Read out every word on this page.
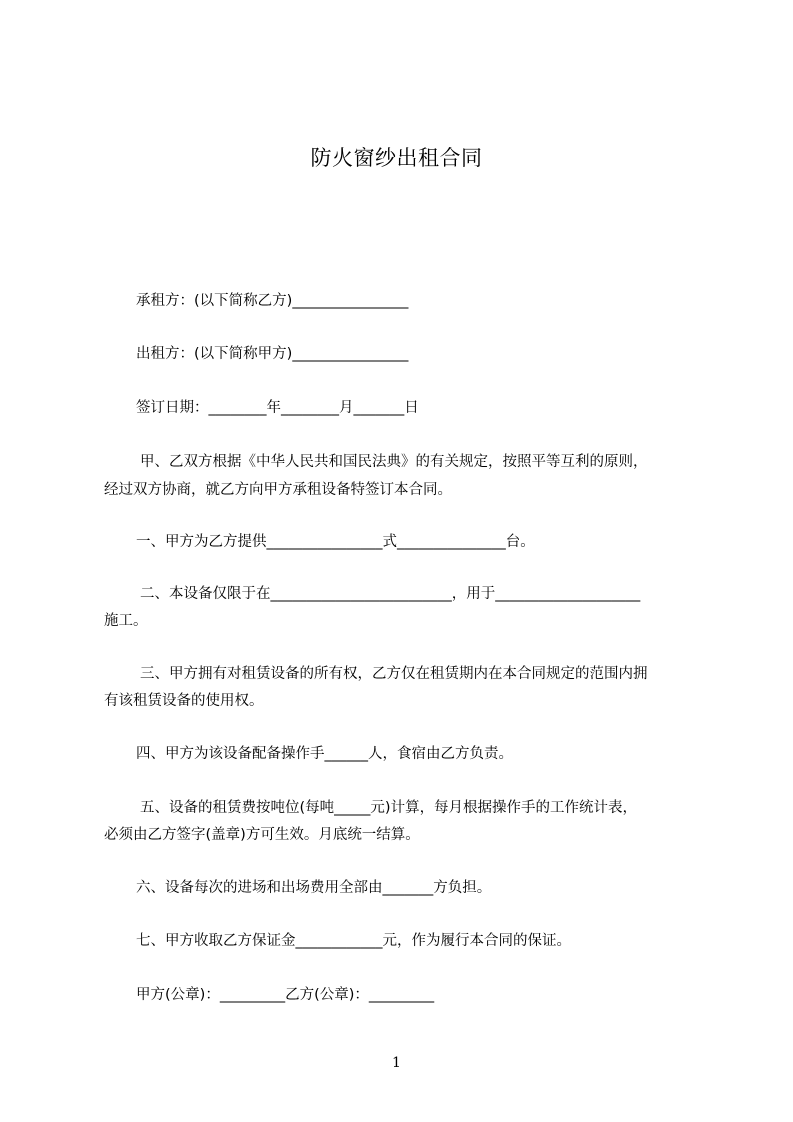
防火窗纱出租合同
承租方：(以下简称乙方)________________
出租方：(以下简称甲方)________________
签订日期：________年________月_______日
甲、乙双方根据《中华人民共和国民法典》的有关规定，按照平等互利的原则，
经过双方协商，就乙方向甲方承租设备特签订本合同。
一、甲方为乙方提供________________式_______________台。
二、本设备仅限于在_________________________，用于____________________
施工。
三、甲方拥有对租赁设备的所有权，乙方仅在租赁期内在本合同规定的范围内拥
有该租赁设备的使用权。
四、甲方为该设备配备操作手______人，食宿由乙方负责。
五、设备的租赁费按吨位(每吨_____元)计算，每月根据操作手的工作统计表，
必须由乙方签字(盖章)方可生效。月底统一结算。
六、设备每次的进场和出场费用全部由_______方负担。
七、甲方收取乙方保证金____________元，作为履行本合同的保证。
甲方(公章)：_________乙方(公章)：_________
1
